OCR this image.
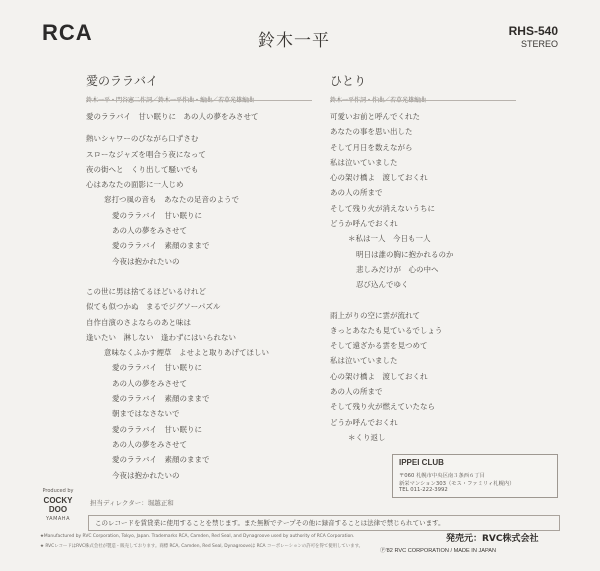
RCA	鈴木一平	RHS-540
STEREO
愛のララバイ
愛のララバイ　甘い眠りに　あの人の夢をみさせて
熱いシャワーのびながら口ずさむ
スローなジャズを唱合う夜になって
夜の街へと　くり出して騒いでも
心はあなたの面影に一人じめ
窓打つ風の音も　あなたの足音のようで
愛のララバイ　甘い眠りに
あの人の夢をみさせて
愛のララバイ　素顔のままで
今夜は抱かれたいの
この世に男は捨てるほどいるけれど
似ても似つかぬ　まるでジグソーパズル
自作自演のさよならのあと味は
逢いたい　淋しない　逢わずにはいられない
意味なくふかす煙草　よせよと取りあげてほしい
愛のララバイ　甘い眠りに
あの人の夢をみさせて
愛のララバイ　素顔のままで
朝まではなさないで
愛のララバイ　甘い眠りに
あの人の夢をみさせて
愛のララバイ　素顔のままで
今夜は抱かれたいの
ひとり
可愛いお前と呼んでくれた
あなたの事を思い出した
そして月日を数えながら
私は泣いていました
心の架け橋よ　渡しておくれ
あの人の所まで
そして残り火が消えないうちに
どうか呼んでおくれ
＊私は一人　今日も一人
明日は誰の胸に抱かれるのか
悲しみだけが　心の中へ
忍び込んでゆく
雨上がりの空に雲が流れて
きっとあなたも見ているでしょう
そして遠ざかる雲を見つめて
私は泣いていました
心の架け橋よ　渡しておくれ
あの人の所まで
そして残り火が燃えていたなら
どうか呼んでおくれ
＊くり返し
Produced by
COCKY DOO
YAMAHA
担当ディレクター：堀越正和
IPPEI CLUB
〒060 札幌市中央区南３条西６丁目
新栄マンション303（モス・ファミリィ札幌内）
TEL 011-222-3992
このレコードを賃貸業に使用することを禁じます。また無断でテープその他に録音することは法律で禁じられています。
★Manufactured by RVC Corporation, Tokyo, Japan. Trademarks RCA, Camden, Red Seal, and Dynagroove used by authority of RCA Corporation.
★ RVCレコードはRVC株式会社が製造・販売しております。商標 RCA, Camden, Red Seal, Dynagrooveは RCA コーポレーションの許可を得て使用しています。
発売元：RVC株式会社
Ⓟ'82 RVC CORPORATION / MADE IN JAPAN
